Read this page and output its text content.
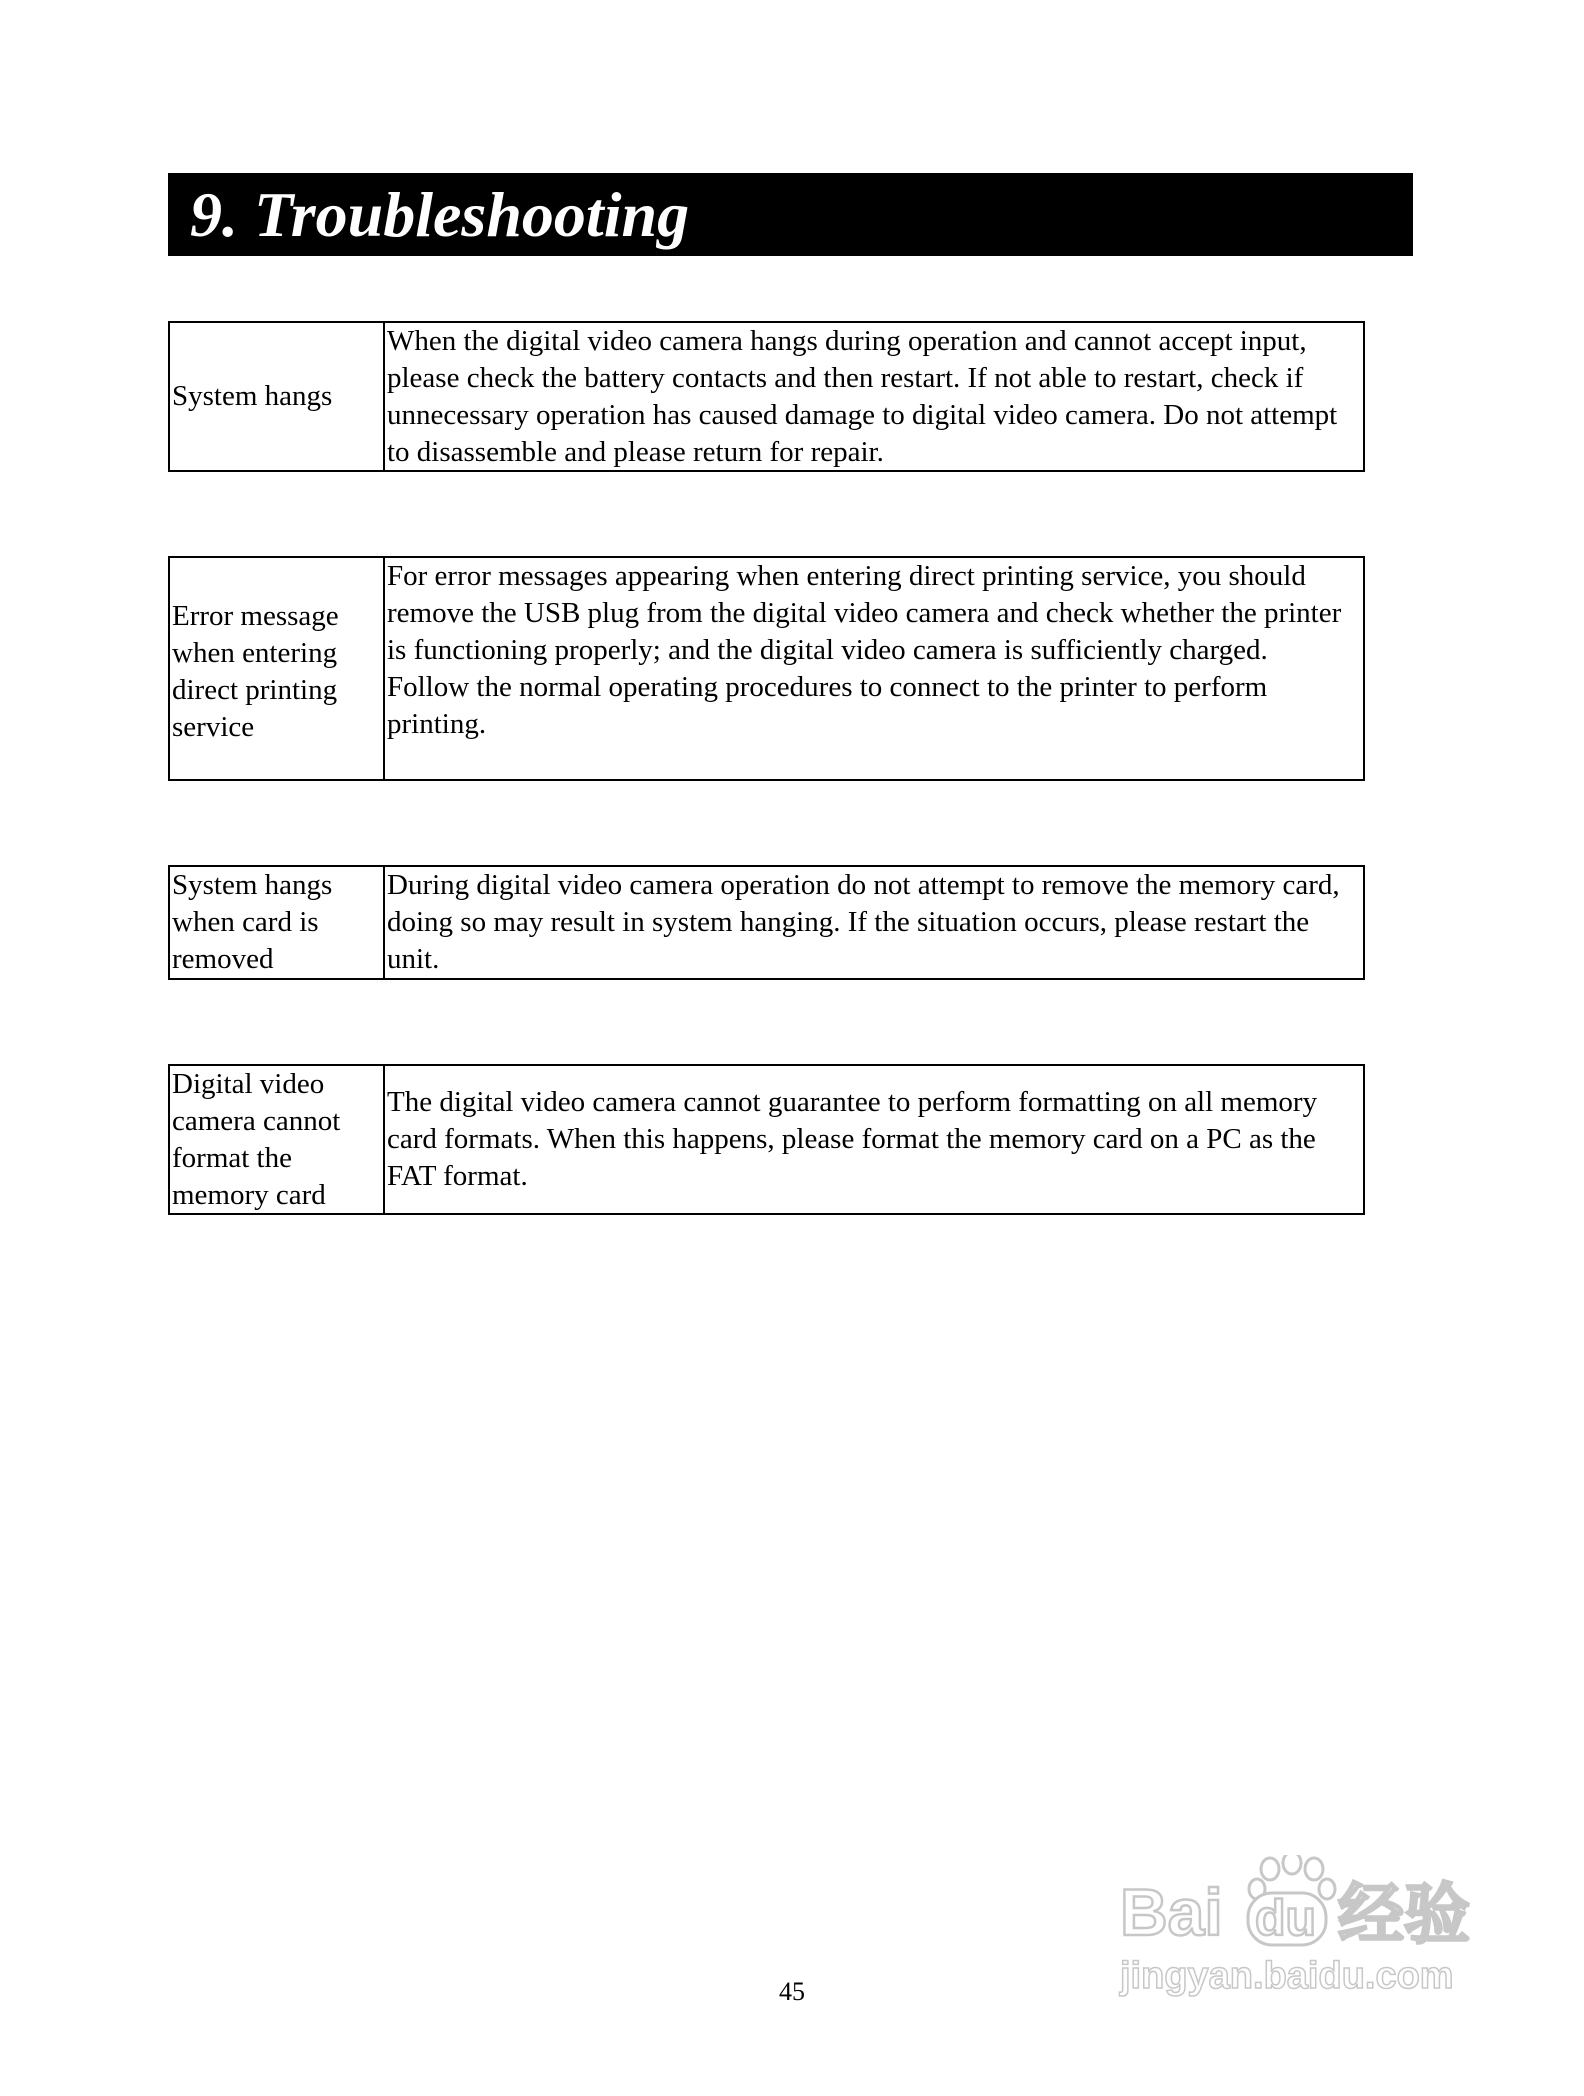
9. Troubleshooting
System hangs
When the digital video camera hangs during operation and cannot accept input, please check the battery contacts and then restart. If not able to restart, check if unnecessary operation has caused damage to digital video camera. Do not attempt to disassemble and please return for repair.
Error message when entering direct printing service
For error messages appearing when entering direct printing service, you should remove the USB plug from the digital video camera and check whether the printer is functioning properly; and the digital video camera is sufficiently charged. Follow the normal operating procedures to connect to the printer to perform printing.
System hangs when card is removed
During digital video camera operation do not attempt to remove the memory card, doing so may result in system hanging. If the situation occurs, please restart the unit.
Digital video camera cannot format the memory card
The digital video camera cannot guarantee to perform formatting on all memory card formats. When this happens, please format the memory card on a PC as the FAT format.
45
Bai du 经验
jingyan.baidu.com
